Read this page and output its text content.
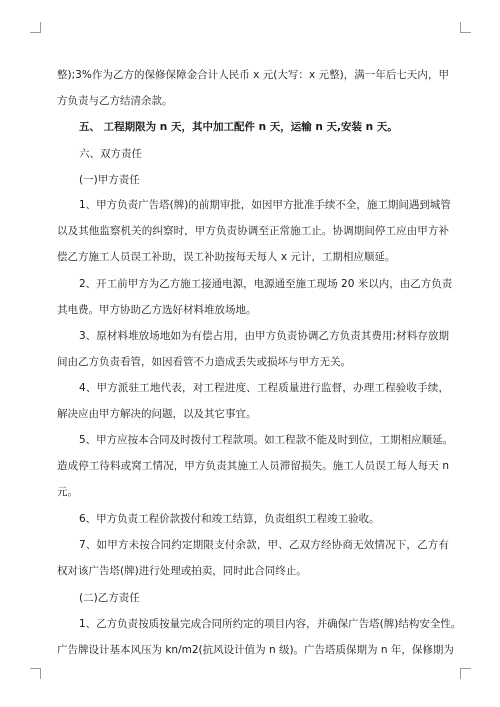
整);3%作为乙方的保修保障金合计人民币 x 元(大写：x 元整)，满一年后七天内，甲
方负责与乙方结清余款。
五、 工程期限为 n 天，其中加工配件 n 天，运输 n 天,安装 n 天。
六、双方责任
(一)甲方责任
1、甲方负责广告塔(牌)的前期审批，如因甲方批准手续不全，施工期间遇到城管
以及其他监察机关的纠察时，甲方负责协调至正常施工止。协调期间停工应由甲方补
偿乙方施工人员误工补助，误工补助按每天每人 x 元计，工期相应顺延。
2、开工前甲方为乙方施工接通电源，电源通至施工现场 20 米以内，由乙方负责
其电费。甲方协助乙方选好材料堆放场地。
3、原材料堆放场地如为有偿占用，由甲方负责协调乙方负责其费用;材料存放期
间由乙方负责看管，如因看管不力造成丢失或损坏与甲方无关。
4、甲方派驻工地代表，对工程进度、工程质量进行监督，办理工程验收手续，
解决应由甲方解决的问题，以及其它事宜。
5、甲方应按本合同及时拨付工程款项。如工程款不能及时到位，工期相应顺延。
造成停工待料或窝工情况，甲方负责其施工人员滞留损失。施工人员误工每人每天 n
元。
6、甲方负责工程价款拨付和竣工结算，负责组织工程竣工验收。
7、如甲方未按合同约定期限支付余款，甲、乙双方经协商无效情况下，乙方有
权对该广告塔(牌)进行处理或拍卖，同时此合同终止。
(二)乙方责任
1、乙方负责按质按量完成合同所约定的项目内容，并确保广告塔(牌)结构安全性。
广告牌设计基本风压为 kn/m2(抗风设计值为 n 级)。广告塔质保期为 n 年，保修期为
